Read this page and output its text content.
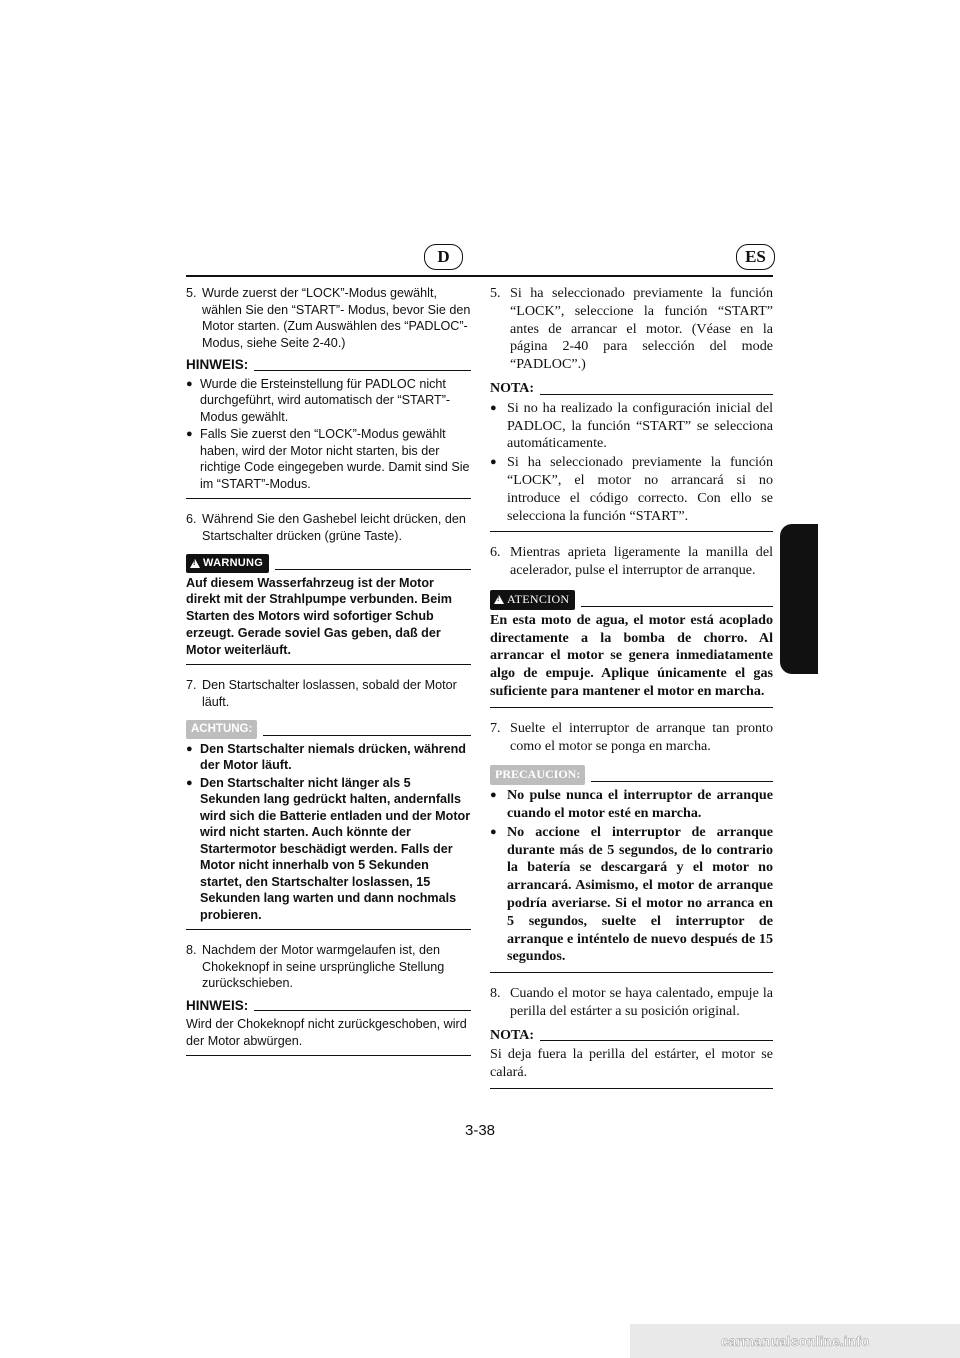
D	ES
5. Wurde zuerst der “LOCK”-Modus gewählt, wählen Sie den “START”- Modus, bevor Sie den Motor starten. (Zum Auswählen des “PADLOC”-Modus, siehe Seite 2-40.)
HINWEIS:
● Wurde die Ersteinstellung für PADLOC nicht durchgeführt, wird automatisch der “START”-Modus gewählt.
● Falls Sie zuerst den “LOCK”-Modus gewählt haben, wird der Motor nicht starten, bis der richtige Code eingegeben wurde. Damit sind Sie im “START”-Modus.
6. Während Sie den Gashebel leicht drücken, den Startschalter drücken (grüne Taste).
!
WARNUNG
Auf diesem Wasserfahrzeug ist der Motor direkt mit der Strahlpumpe verbunden. Beim Starten des Motors wird sofortiger Schub erzeugt. Gerade soviel Gas geben, daß der Motor weiterläuft.
7. Den Startschalter loslassen, sobald der Motor läuft.
ACHTUNG:
● Den Startschalter niemals drücken, während der Motor läuft.
● Den Startschalter nicht länger als 5 Sekunden lang gedrückt halten, andernfalls wird sich die Batterie entladen und der Motor wird nicht starten. Auch könnte der Startermotor beschädigt werden. Falls der Motor nicht innerhalb von 5 Sekunden startet, den Startschalter loslassen, 15 Sekunden lang warten und dann nochmals probieren.
8. Nachdem der Motor warmgelaufen ist, den Chokeknopf in seine ursprüngliche Stellung zurückschieben.
HINWEIS:
Wird der Chokeknopf nicht zurückgeschoben, wird der Motor abwürgen.
5. Si ha seleccionado previamente la función “LOCK”, seleccione la función “START” antes de arrancar el motor. (Véase en la página 2-40 para selección del mode “PADLOC”.)
NOTA:
● Si no ha realizado la configuración inicial del PADLOC, la función “START” se selecciona automáticamente.
● Si ha seleccionado previamente la función “LOCK”, el motor no arrancará si no introduce el código correcto. Con ello se selecciona la función “START”.
6. Mientras aprieta ligeramente la manilla del acelerador, pulse el interruptor de arranque.
!
ATENCION
En esta moto de agua, el motor está acoplado directamente a la bomba de chorro. Al arrancar el motor se genera inmediatamente algo de empuje. Aplique únicamente el gas suficiente para mantener el motor en marcha.
7. Suelte el interruptor de arranque tan pronto como el motor se ponga en marcha.
PRECAUCION:
● No pulse nunca el interruptor de arranque cuando el motor esté en marcha.
● No accione el interruptor de arranque durante más de 5 segundos, de lo contrario la batería se descargará y el motor no arrancará. Asimismo, el motor de arranque podría averiarse. Si el motor no arranca en 5 segundos, suelte el interruptor de arranque e inténtelo de nuevo después de 15 segundos.
8. Cuando el motor se haya calentado, empuje la perilla del estárter a su posición original.
NOTA:
Si deja fuera la perilla del estárter, el motor se calará.
3-38
carmanualsonline.info
